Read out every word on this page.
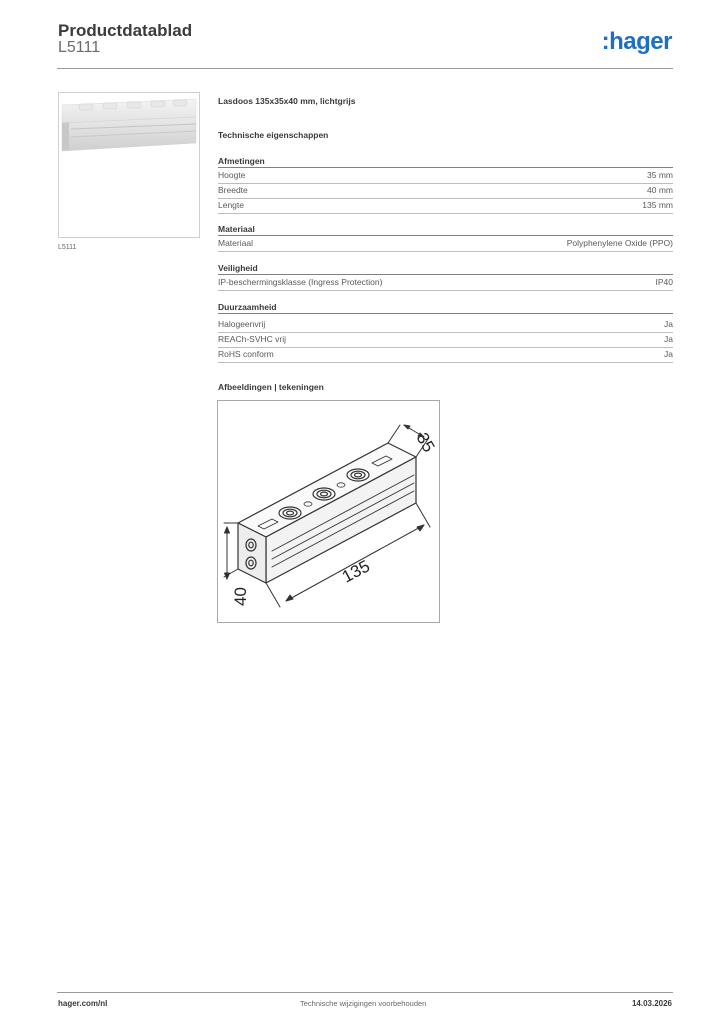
Productdatablad
L5111	:hager
L5111
Lasdoos 135x35x40 mm, lichtgrijs
Technische eigenschappen
Afmetingen
Hoogte	35 mm
Breedte	40 mm
Lengte	135 mm
Materiaal
Materiaal	Polyphenylene Oxide (PPO)
Veiligheid
IP-beschermingsklasse (Ingress Protection)	IP40
Duurzaamheid
Halogeenvrij	Ja
REACh-SVHC vrij	Ja
RoHS conform	Ja
Afbeeldingen | tekeningen
35
135
40
hager.com/nl	Technische wijzigingen voorbehouden	14.03.2026
